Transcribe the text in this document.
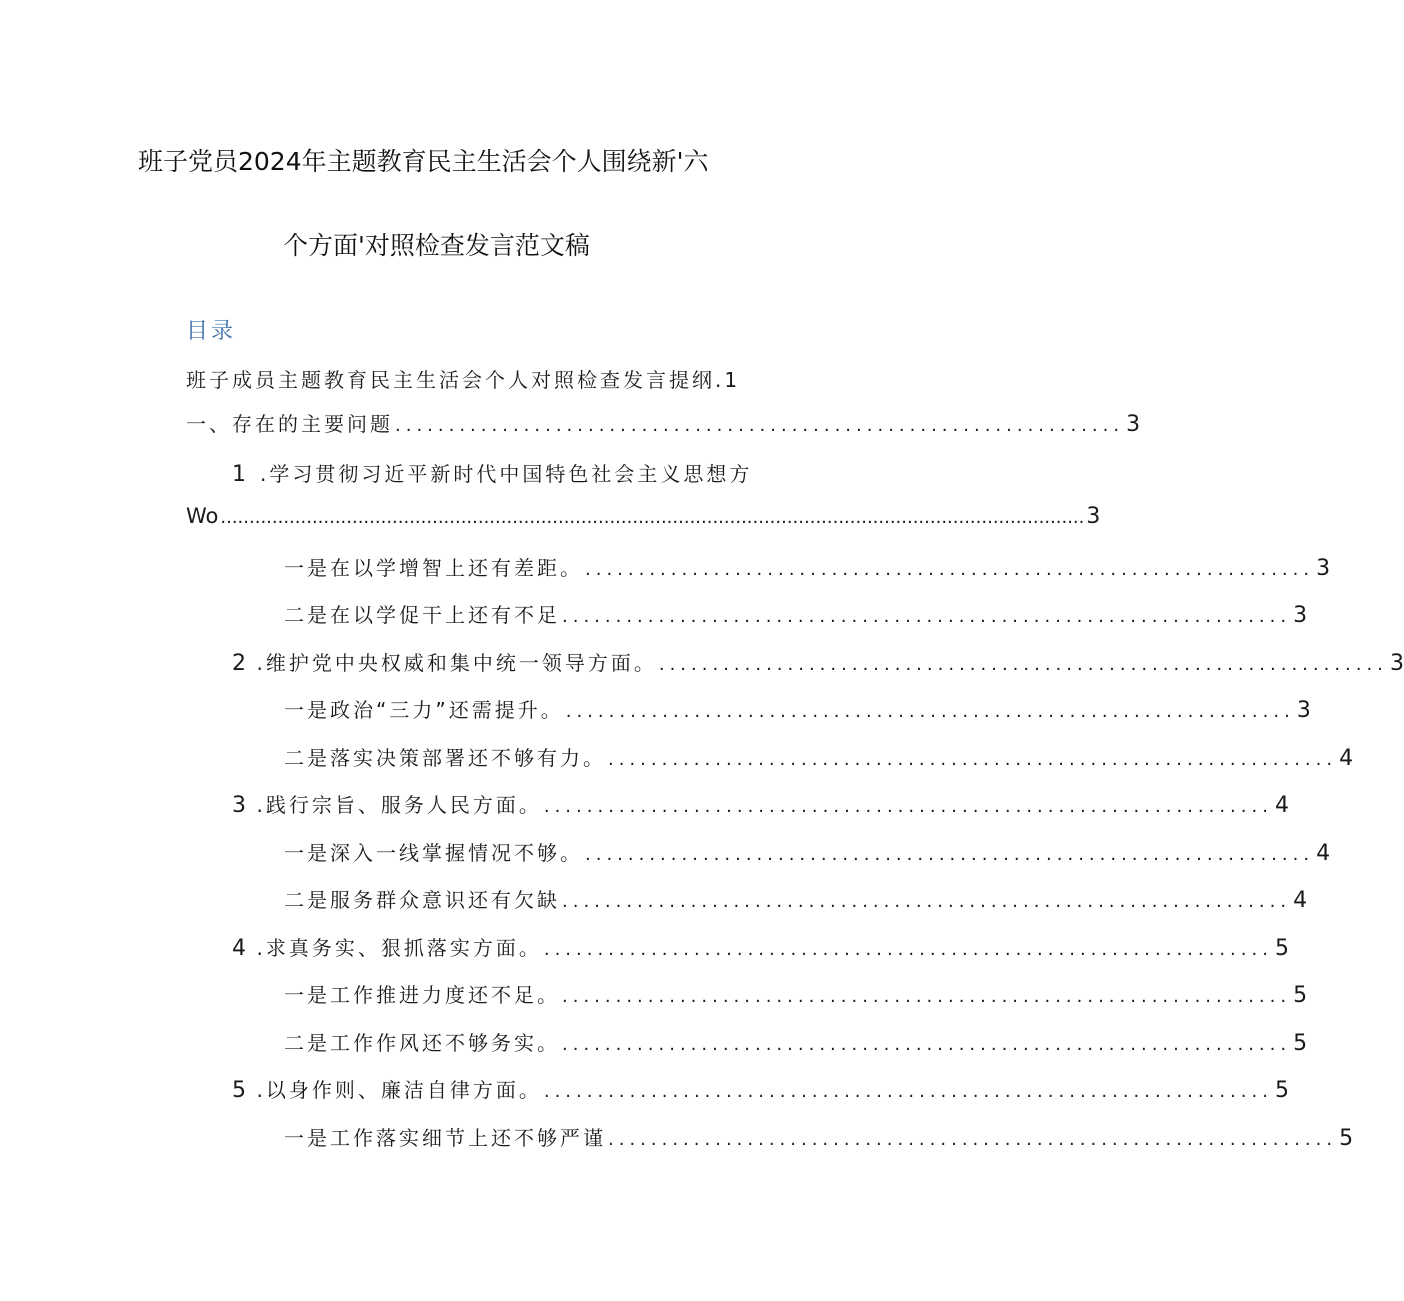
班子党员2024年主题教育民主生活会个人围绕新'六
个方面'对照检查发言范文稿
目录
班子成员主题教育民主生活会个人对照检查发言提纲.1
一、存在的主要问题 .................................................................... 3
1 .学习贯彻习近平新时代中国特色社会主义思想方
Wo ....................................................................................................................................................... 3
一是在以学增智上还有差距。 .................................................................... 3
二是在以学促干上还有不足 .................................................................... 3
2 .维护党中央权威和集中统一领导方面。 .................................................................... 3
一是政治“三力”还需提升。 .................................................................... 3
二是落实决策部署还不够有力。 .................................................................... 4
3 .践行宗旨、服务人民方面。 .................................................................... 4
一是深入一线掌握情况不够。 .................................................................... 4
二是服务群众意识还有欠缺 .................................................................... 4
4 .求真务实、狠抓落实方面。 .................................................................... 5
一是工作推进力度还不足。 .................................................................... 5
二是工作作风还不够务实。 .................................................................... 5
5 .以身作则、廉洁自律方面。 .................................................................... 5
一是工作落实细节上还不够严谨 .................................................................... 5
